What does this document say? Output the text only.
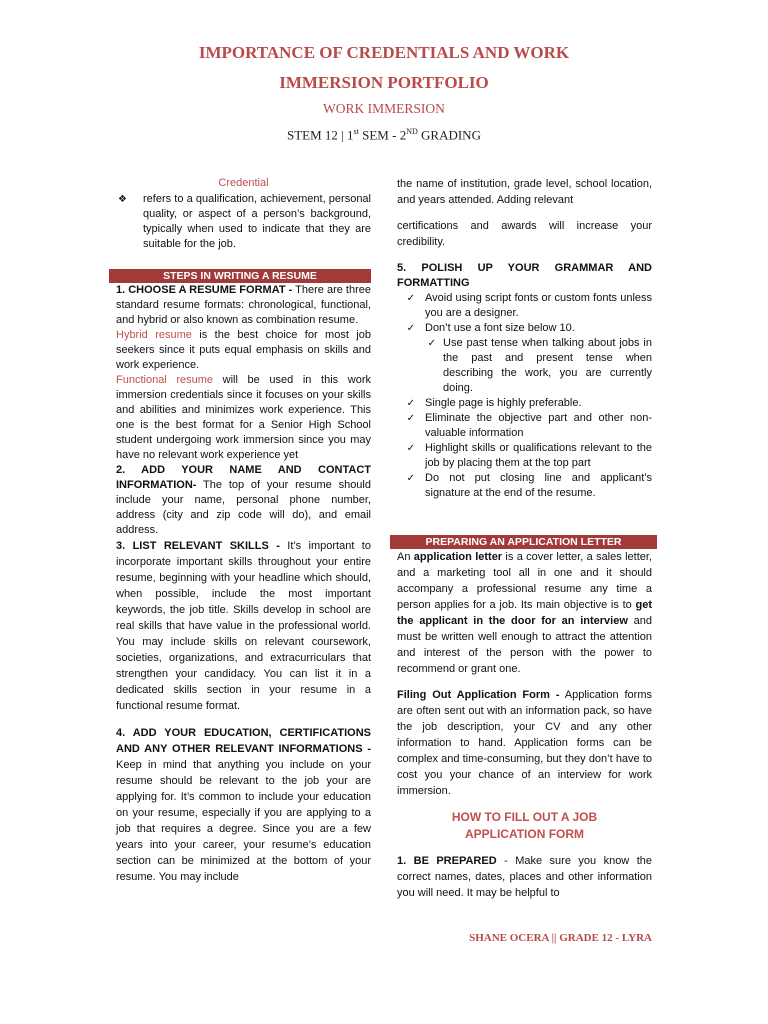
IMPORTANCE OF CREDENTIALS AND WORK
IMMERSION PORTFOLIO
WORK IMMERSION
STEM 12 | 1st SEM - 2ND GRADING
Credential
❖	refers to a qualification, achievement, personal quality, or aspect of a person’s background, typically when used to indicate that they are suitable for the job.
STEPS IN WRITING A RESUME

1. CHOOSE A RESUME FORMAT - There are three standard resume formats: chronological, functional, and hybrid or also known as combination resume.

Hybrid resume is the best choice for most job seekers since it puts equal emphasis on skills and work experience.

Functional resume will be used in this work immersion credentials since it focuses on your skills and abilities and minimizes work experience. This one is the best format for a Senior High School student undergoing work immersion since you may have no relevant work experience yet

2. ADD YOUR NAME AND CONTACT INFORMATION- The top of your resume should include your name, personal phone number, address (city and zip code will do), and email address.

3. LIST RELEVANT SKILLS - It’s important to incorporate important skills throughout your entire resume, beginning with your headline which should, when possible, include the most important keywords, the job title. Skills develop in school are real skills that have value in the professional world. You may include skills on relevant coursework, societies, organizations, and extracurriculars that strengthen your candidacy. You can list it in a dedicated skills section in your resume in a functional resume format.

4. ADD YOUR EDUCATION, CERTIFICATIONS AND ANY OTHER RELEVANT INFORMATIONS - Keep in mind that anything you include on your resume should be relevant to the job your are applying for. It’s common to include your education on your resume, especially if you are applying to a job that requires a degree. Since you are a few years into your career, your resume’s education section can be minimized at the bottom of your resume. You may include

the name of institution, grade level, school location, and years attended. Adding relevant

certifications and awards will increase your credibility.

5. POLISH UP YOUR GRAMMAR AND FORMATTING

✓ Avoid using script fonts or custom fonts unless you are a designer.
✓ Don’t use a font size below 10.
✓ Use past tense when talking about jobs in the past and present tense when describing the work, you are currently doing.
✓ Single page is highly preferable.
✓ Eliminate the objective part and other non-valuable information
✓ Highlight skills or qualifications relevant to the job by placing them at the top part
✓ Do not put closing line and applicant’s signature at the end of the resume.
PREPARING AN APPLICATION LETTER

An application letter is a cover letter, a sales letter, and a marketing tool all in one and it should accompany a professional resume any time a person applies for a job. Its main objective is to get the applicant in the door for an interview and must be written well enough to attract the attention and interest of the person with the power to recommend or grant one.

Filing Out Application Form - Application forms are often sent out with an information pack, so have the job description, your CV and any other information to hand. Application forms can be complex and time-consuming, but they don’t have to cost you your chance of an interview for work immersion.

HOW TO FILL OUT A JOB APPLICATION FORM

1. BE PREPARED - Make sure you know the correct names, dates, places and other information you will need. It may be helpful to

SHANE OCERA || GRADE 12 - LYRA
